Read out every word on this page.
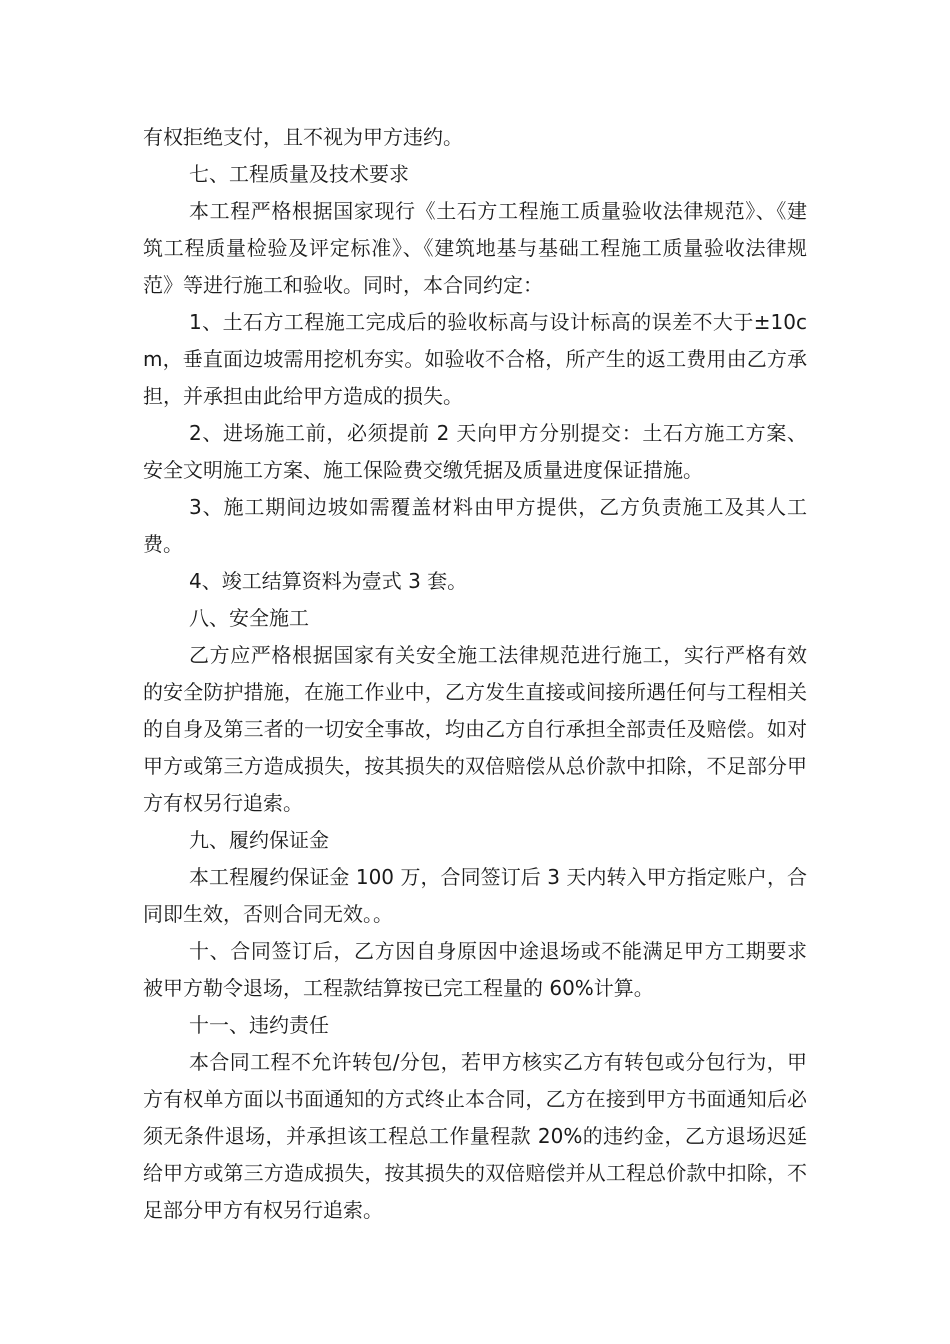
有权拒绝支付，且不视为甲方违约。

七、工程质量及技术要求

本工程严格根据国家现行《土石方工程施工质量验收法律规范》、《建筑工程质量检验及评定标准》、《建筑地基与基础工程施工质量验收法律规范》等进行施工和验收。同时，本合同约定：

1、土石方工程施工完成后的验收标高与设计标高的误差不大于±10cm，垂直面边坡需用挖机夯实。如验收不合格，所产生的返工费用由乙方承担，并承担由此给甲方造成的损失。

2、进场施工前，必须提前 2 天向甲方分别提交：土石方施工方案、安全文明施工方案、施工保险费交缴凭据及质量进度保证措施。

3、施工期间边坡如需覆盖材料由甲方提供，乙方负责施工及其人工费。

4、竣工结算资料为壹式 3 套。

八、安全施工

乙方应严格根据国家有关安全施工法律规范进行施工，实行严格有效的安全防护措施，在施工作业中，乙方发生直接或间接所遇任何与工程相关的自身及第三者的一切安全事故，均由乙方自行承担全部责任及赔偿。如对甲方或第三方造成损失，按其损失的双倍赔偿从总价款中扣除，不足部分甲方有权另行追索。

九、履约保证金

本工程履约保证金 100 万，合同签订后 3 天内转入甲方指定账户，合同即生效，否则合同无效。。

十、合同签订后，乙方因自身原因中途退场或不能满足甲方工期要求被甲方勒令退场，工程款结算按已完工程量的 60%计算。

十一、违约责任

本合同工程不允许转包/分包，若甲方核实乙方有转包或分包行为，甲方有权单方面以书面通知的方式终止本合同，乙方在接到甲方书面通知后必须无条件退场，并承担该工程总工作量程款 20%的违约金，乙方退场迟延给甲方或第三方造成损失，按其损失的双倍赔偿并从工程总价款中扣除，不足部分甲方有权另行追索。
